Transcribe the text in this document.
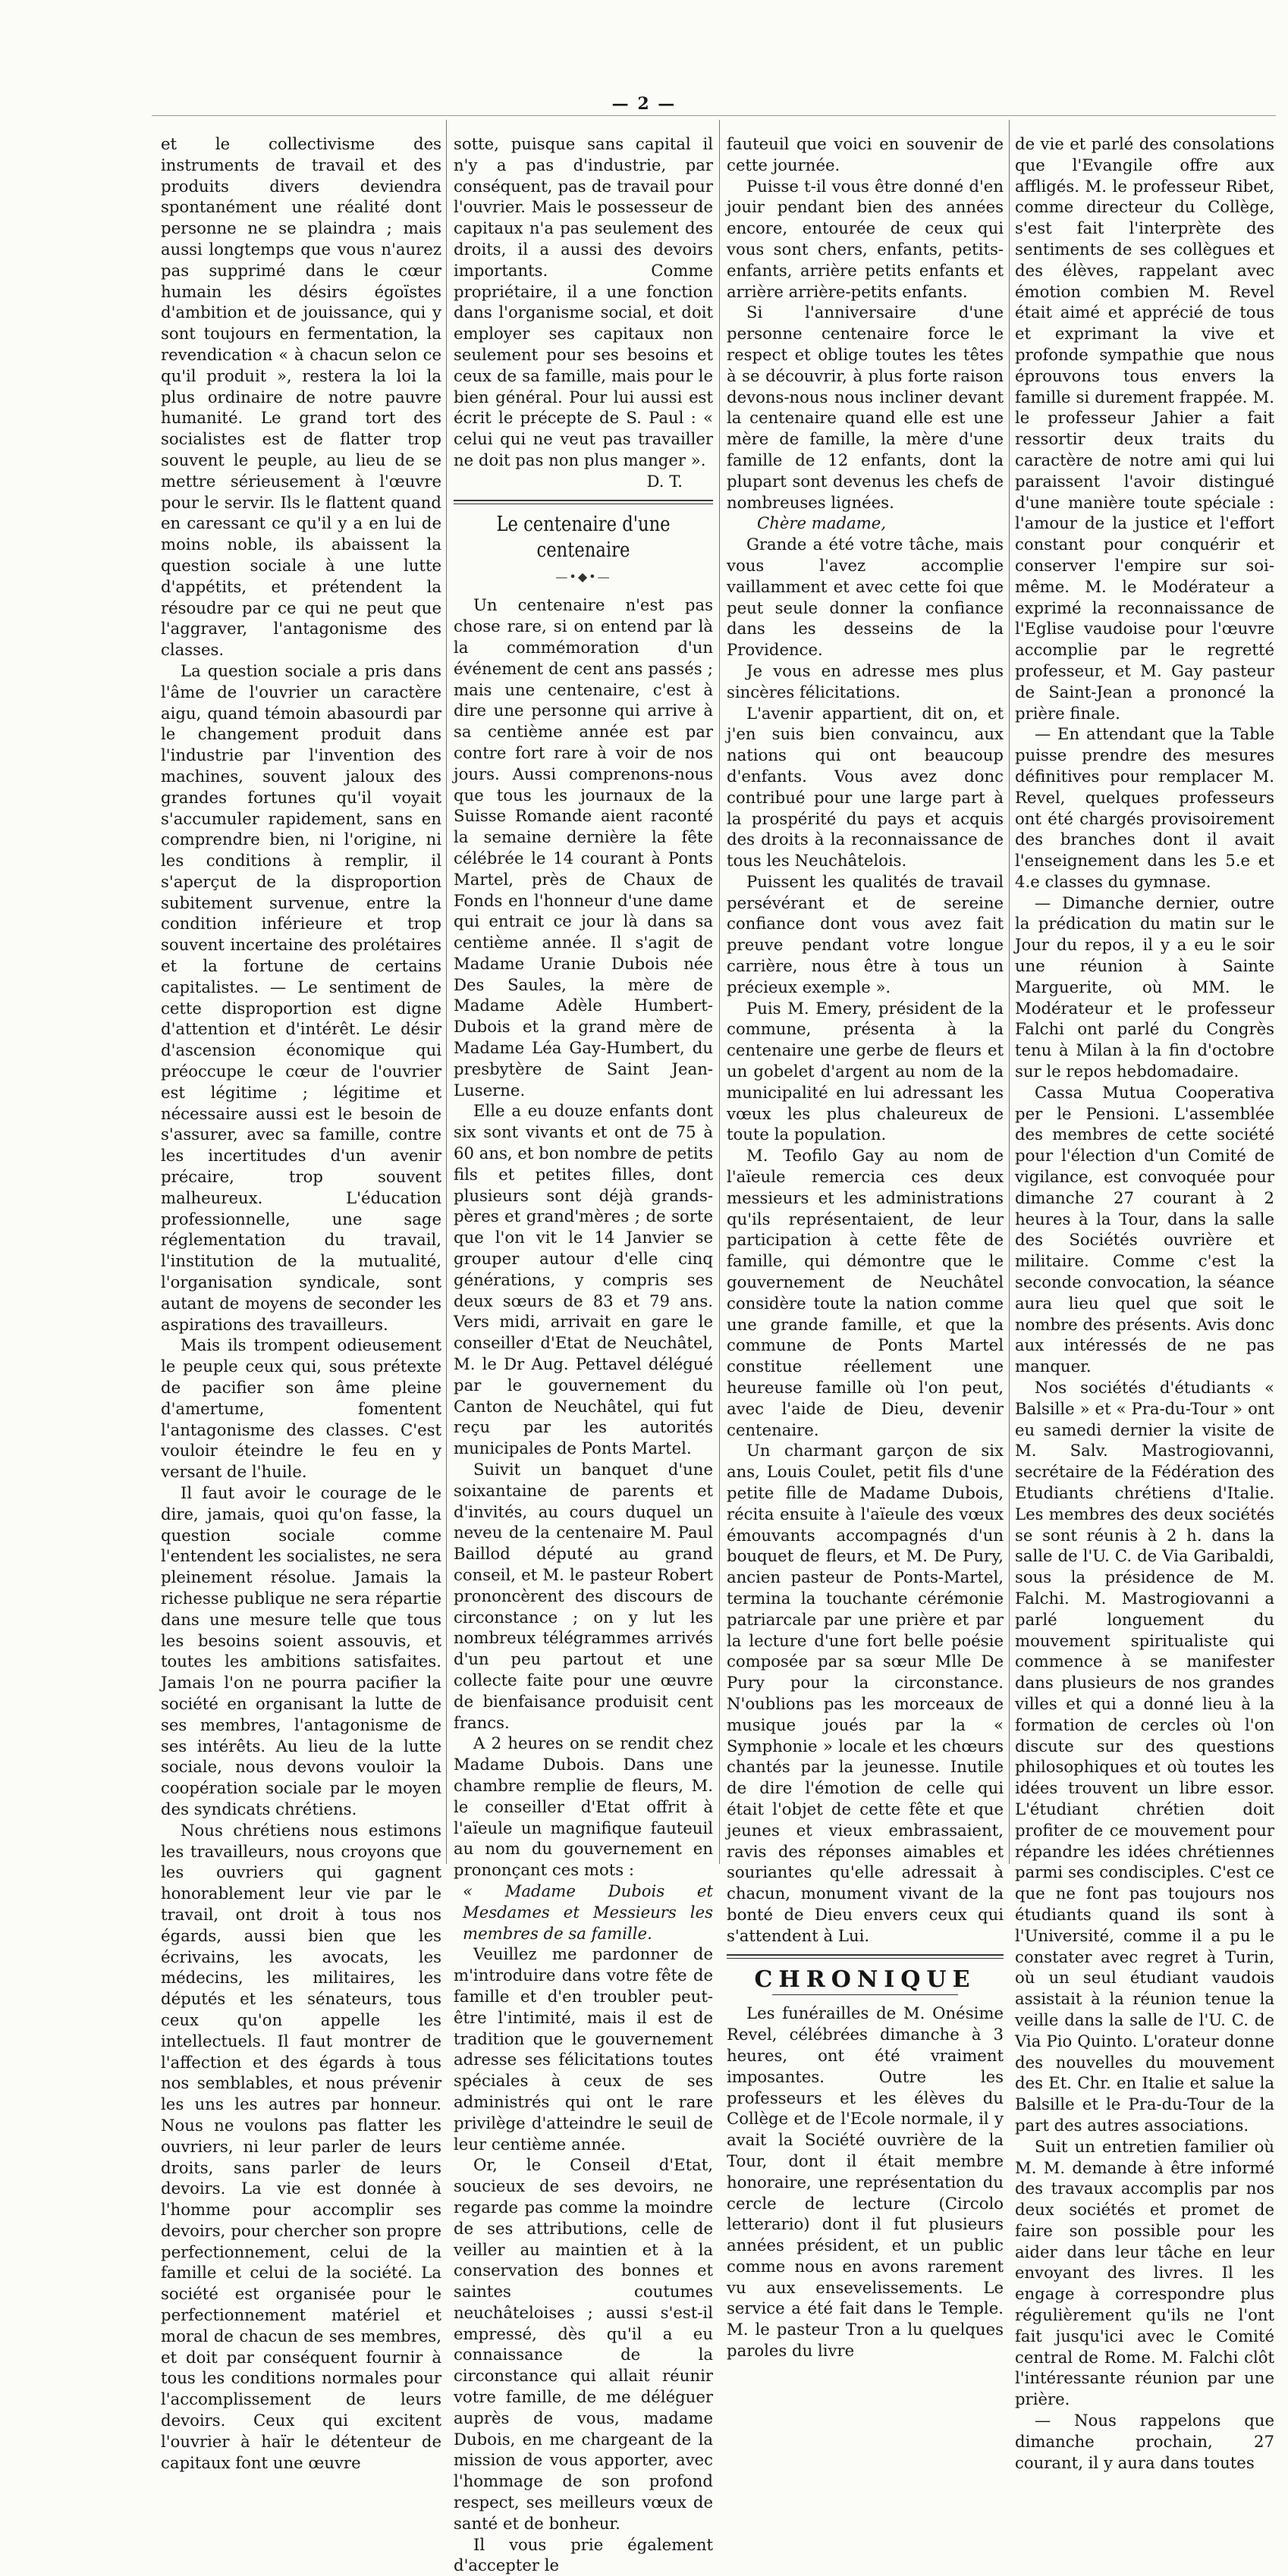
— 2 —

et le collectivisme des instruments de travail et des produits divers deviendra spontanément une réalité dont personne ne se plaindra ; mais aussi longtemps que vous n'aurez pas supprimé dans le cœur humain les désirs égoïstes d'ambition et de jouissance, qui y sont toujours en fermentation, la revendication « à chacun selon ce qu'il produit », restera la loi la plus ordinaire de notre pauvre humanité. Le grand tort des socialistes est de flatter trop souvent le peuple, au lieu de se mettre sérieusement à l'œuvre pour le servir. Ils le flattent quand en caressant ce qu'il y a en lui de moins noble, ils abaissent la question sociale à une lutte d'appétits, et prétendent la résoudre par ce qui ne peut que l'aggraver, l'antagonisme des classes.

La question sociale a pris dans l'âme de l'ouvrier un caractère aigu, quand témoin abasourdi par le changement produit dans l'industrie par l'invention des machines, souvent jaloux des grandes fortunes qu'il voyait s'accumuler rapidement, sans en comprendre bien, ni l'origine, ni les conditions à remplir, il s'aperçut de la disproportion subitement survenue, entre la condition inférieure et trop souvent incertaine des prolétaires et la fortune de certains capitalistes. — Le sentiment de cette disproportion est digne d'attention et d'intérêt. Le désir d'ascension économique qui préoccupe le cœur de l'ouvrier est légitime ; légitime et nécessaire aussi est le besoin de s'assurer, avec sa famille, contre les incertitudes d'un avenir précaire, trop souvent malheureux. L'éducation professionnelle, une sage réglementation du travail, l'institution de la mutualité, l'organisation syndicale, sont autant de moyens de seconder les aspirations des travailleurs.

Mais ils trompent odieusement le peuple ceux qui, sous prétexte de pacifier son âme pleine d'amertume, fomentent l'antagonisme des classes. C'est vouloir éteindre le feu en y versant de l'huile.

Il faut avoir le courage de le dire, jamais, quoi qu'on fasse, la question sociale comme l'entendent les socialistes, ne sera pleinement résolue. Jamais la richesse publique ne sera répartie dans une mesure telle que tous les besoins soient assouvis, et toutes les ambitions satisfaites. Jamais l'on ne pourra pacifier la société en organisant la lutte de ses membres, l'antagonisme de ses intérêts. Au lieu de la lutte sociale, nous devons vouloir la coopération sociale par le moyen des syndicats chrétiens.

Nous chrétiens nous estimons les travailleurs, nous croyons que les ouvriers qui gagnent honorablement leur vie par le travail, ont droit à tous nos égards, aussi bien que les écrivains, les avocats, les médecins, les militaires, les députés et les sénateurs, tous ceux qu'on appelle les intellectuels. Il faut montrer de l'affection et des égards à tous nos semblables, et nous prévenir les uns les autres par honneur. Nous ne voulons pas flatter les ouvriers, ni leur parler de leurs droits, sans parler de leurs devoirs. La vie est donnée à l'homme pour accomplir ses devoirs, pour chercher son propre perfectionnement, celui de la famille et celui de la société. La société est organisée pour le perfectionnement matériel et moral de chacun de ses membres, et doit par conséquent fournir à tous les conditions normales pour l'accomplissement de leurs devoirs. Ceux qui excitent l'ouvrier à haïr le détenteur de capitaux font une œuvre

sotte, puisque sans capital il n'y a pas d'industrie, par conséquent, pas de travail pour l'ouvrier. Mais le possesseur de capitaux n'a pas seulement des droits, il a aussi des devoirs importants. Comme propriétaire, il a une fonction dans l'organisme social, et doit employer ses capitaux non seulement pour ses besoins et ceux de sa famille, mais pour le bien général. Pour lui aussi est écrit le précepte de S. Paul : « celui qui ne veut pas travailler ne doit pas non plus manger ».

D. T.

Le centenaire d'une centenaire
—•◆•—

Un centenaire n'est pas chose rare, si on entend par là la commémoration d'un événement de cent ans passés ; mais une centenaire, c'est à dire une personne qui arrive à sa centième année est par contre fort rare à voir de nos jours. Aussi comprenons-nous que tous les journaux de la Suisse Romande aient raconté la semaine dernière la fête célébrée le 14 courant à Ponts Martel, près de Chaux de Fonds en l'honneur d'une dame qui entrait ce jour là dans sa centième année. Il s'agit de Madame Uranie Dubois née Des Saules, la mère de Madame Adèle Humbert-Dubois et la grand mère de Madame Léa Gay-Humbert, du presbytère de Saint Jean-Luserne.

Elle a eu douze enfants dont six sont vivants et ont de 75 à 60 ans, et bon nombre de petits fils et petites filles, dont plusieurs sont déjà grands-pères et grand'mères ; de sorte que l'on vit le 14 Janvier se grouper autour d'elle cinq générations, y compris ses deux sœurs de 83 et 79 ans. Vers midi, arrivait en gare le conseiller d'Etat de Neuchâtel, M. le Dr Aug. Pettavel délégué par le gouvernement du Canton de Neuchâtel, qui fut reçu par les autorités municipales de Ponts Martel.

Suivit un banquet d'une soixantaine de parents et d'invités, au cours duquel un neveu de la centenaire M. Paul Baillod député au grand conseil, et M. le pasteur Robert prononcèrent des discours de circonstance ; on y lut les nombreux télégrammes arrivés d'un peu partout et une collecte faite pour une œuvre de bienfaisance produisit cent francs.

A 2 heures on se rendit chez Madame Dubois. Dans une chambre remplie de fleurs, M. le conseiller d'Etat offrit à l'aïeule un magnifique fauteuil au nom du gouvernement en prononçant ces mots :

« Madame Dubois et Mesdames et Messieurs les membres de sa famille.

Veuillez me pardonner de m'introduire dans votre fête de famille et d'en troubler peut-être l'intimité, mais il est de tradition que le gouvernement adresse ses félicitations toutes spéciales à ceux de ses administrés qui ont le rare privilège d'atteindre le seuil de leur centième année.

Or, le Conseil d'Etat, soucieux de ses devoirs, ne regarde pas comme la moindre de ses attributions, celle de veiller au maintien et à la conservation des bonnes et saintes coutumes neuchâteloises ; aussi s'est-il empressé, dès qu'il a eu connaissance de la circonstance qui allait réunir votre famille, de me déléguer auprès de vous, madame Dubois, en me chargeant de la mission de vous apporter, avec l'hommage de son profond respect, ses meilleurs vœux de santé et de bonheur.

Il vous prie également d'accepter le

fauteuil que voici en souvenir de cette journée.

Puisse t-il vous être donné d'en jouir pendant bien des années encore, entourée de ceux qui vous sont chers, enfants, petits-enfants, arrière petits enfants et arrière arrière-petits enfants.

Si l'anniversaire d'une personne centenaire force le respect et oblige toutes les têtes à se découvrir, à plus forte raison devons-nous nous incliner devant la centenaire quand elle est une mère de famille, la mère d'une famille de 12 enfants, dont la plupart sont devenus les chefs de nombreuses lignées.

Chère madame,

Grande a été votre tâche, mais vous l'avez accomplie vaillamment et avec cette foi que peut seule donner la confiance dans les desseins de la Providence.

Je vous en adresse mes plus sincères félicitations.

L'avenir appartient, dit on, et j'en suis bien convaincu, aux nations qui ont beaucoup d'enfants. Vous avez donc contribué pour une large part à la prospérité du pays et acquis des droits à la reconnaissance de tous les Neuchâtelois.

Puissent les qualités de travail persévérant et de sereine confiance dont vous avez fait preuve pendant votre longue carrière, nous être à tous un précieux exemple ».

Puis M. Emery, président de la commune, présenta à la centenaire une gerbe de fleurs et un gobelet d'argent au nom de la municipalité en lui adressant les vœux les plus chaleureux de toute la population.

M. Teofilo Gay au nom de l'aïeule remercia ces deux messieurs et les administrations qu'ils représentaient, de leur participation à cette fête de famille, qui démontre que le gouvernement de Neuchâtel considère toute la nation comme une grande famille, et que la commune de Ponts Martel constitue réellement une heureuse famille où l'on peut, avec l'aide de Dieu, devenir centenaire.

Un charmant garçon de six ans, Louis Coulet, petit fils d'une petite fille de Madame Dubois, récita ensuite à l'aïeule des vœux émouvants accompagnés d'un bouquet de fleurs, et M. De Pury, ancien pasteur de Ponts-Martel, termina la touchante cérémonie patriarcale par une prière et par la lecture d'une fort belle poésie composée par sa sœur Mlle De Pury pour la circonstance. N'oublions pas les morceaux de musique joués par la « Symphonie » locale et les chœurs chantés par la jeunesse. Inutile de dire l'émotion de celle qui était l'objet de cette fête et que jeunes et vieux embrassaient, ravis des réponses aimables et souriantes qu'elle adressait à chacun, monument vivant de la bonté de Dieu envers ceux qui s'attendent à Lui.

CHRONIQUE

Les funérailles de M. Onésime Revel, célébrées dimanche à 3 heures, ont été vraiment imposantes. Outre les professeurs et les élèves du Collège et de l'Ecole normale, il y avait la Société ouvrière de la Tour, dont il était membre honoraire, une représentation du cercle de lecture (Circolo letterario) dont il fut plusieurs années président, et un public comme nous en avons rarement vu aux ensevelissements. Le service a été fait dans le Temple. M. le pasteur Tron a lu quelques paroles du livre

de vie et parlé des consolations que l'Evangile offre aux affligés. M. le professeur Ribet, comme directeur du Collège, s'est fait l'interprète des sentiments de ses collègues et des élèves, rappelant avec émotion combien M. Revel était aimé et apprécié de tous et exprimant la vive et profonde sympathie que nous éprouvons tous envers la famille si durement frappée. M. le professeur Jahier a fait ressortir deux traits du caractère de notre ami qui lui paraissent l'avoir distingué d'une manière toute spéciale : l'amour de la justice et l'effort constant pour conquérir et conserver l'empire sur soi-même. M. le Modérateur a exprimé la reconnaissance de l'Eglise vaudoise pour l'œuvre accomplie par le regretté professeur, et M. Gay pasteur de Saint-Jean a prononcé la prière finale.

— En attendant que la Table puisse prendre des mesures définitives pour remplacer M. Revel, quelques professeurs ont été chargés provisoirement des branches dont il avait l'enseignement dans les 5.e et 4.e classes du gymnase.

— Dimanche dernier, outre la prédication du matin sur le Jour du repos, il y a eu le soir une réunion à Sainte Marguerite, où MM. le Modérateur et le professeur Falchi ont parlé du Congrès tenu à Milan à la fin d'octobre sur le repos hebdomadaire.

Cassa Mutua Cooperativa per le Pensioni. L'assemblée des membres de cette société pour l'élection d'un Comité de vigilance, est convoquée pour dimanche 27 courant à 2 heures à la Tour, dans la salle des Sociétés ouvrière et militaire. Comme c'est la seconde convocation, la séance aura lieu quel que soit le nombre des présents. Avis donc aux intéressés de ne pas manquer.

Nos sociétés d'étudiants « Balsille » et « Pra-du-Tour » ont eu samedi dernier la visite de M. Salv. Mastrogiovanni, secrétaire de la Fédération des Etudiants chrétiens d'Italie. Les membres des deux sociétés se sont réunis à 2 h. dans la salle de l'U. C. de Via Garibaldi, sous la présidence de M. Falchi. M. Mastrogiovanni a parlé longuement du mouvement spiritualiste qui commence à se manifester dans plusieurs de nos grandes villes et qui a donné lieu à la formation de cercles où l'on discute sur des questions philosophiques et où toutes les idées trouvent un libre essor. L'étudiant chrétien doit profiter de ce mouvement pour répandre les idées chrétiennes parmi ses condisciples. C'est ce que ne font pas toujours nos étudiants quand ils sont à l'Université, comme il a pu le constater avec regret à Turin, où un seul étudiant vaudois assistait à la réunion tenue la veille dans la salle de l'U. C. de Via Pio Quinto. L'orateur donne des nouvelles du mouvement des Et. Chr. en Italie et salue la Balsille et le Pra-du-Tour de la part des autres associations.

Suit un entretien familier où M. M. demande à être informé des travaux accomplis par nos deux sociétés et promet de faire son possible pour les aider dans leur tâche en leur envoyant des livres. Il les engage à correspondre plus régulièrement qu'ils ne l'ont fait jusqu'ici avec le Comité central de Rome. M. Falchi clôt l'intéressante réunion par une prière.

— Nous rappelons que dimanche prochain, 27 courant, il y aura dans toutes
